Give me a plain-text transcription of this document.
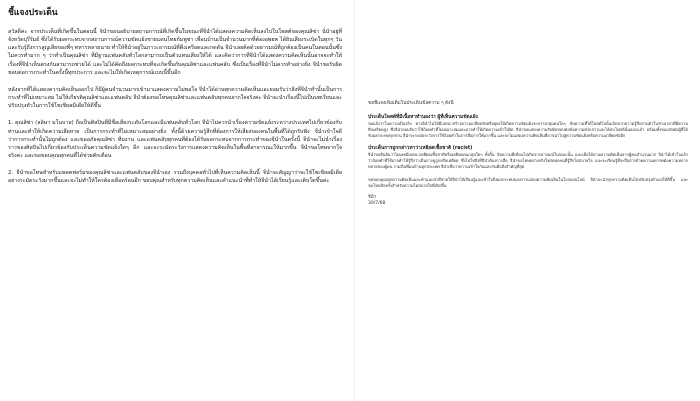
ชี้แจงประเด็น

สวัสดีค่ะ จากประเด็นที่เกิดขึ้นในตอนนี้ จินำขอนอธิบายสถานการณ์ที่เกิดขึ้นในขณะที่จีนำได้แสดงความคิดเห็นลงไปในโพสต์ของคุณสิซ่า นั่นำอยู่ที่จังหวัดบุรีรัมย์ ซึ่งได้รับผลกระทบจากสถานการณ์ความขัดแย้งชายแดนไทยกัมพูชา เพื่อนบ้านเป็นจำนวนมากที่ต้องอพยพ ได้ยินเสียงระเบิดในทุกๆ วัน และรับรู้ถึงการสูญเสียของพี่ๆ ทหารหลายนาย ทำให้จีนำอยู่ในภาวะอารมณ์ที่ตึงเครียดและกดดัน จีนำเลยคิดด้วยอารมณ์ที่ถูกต้องเป็นคนในตอนนั้นซึ่งไม่ควรทำมาก ๆ ว่าทำเป็นคุณลิซ่า ที่มีฐานแฟนคลับทั่วโลกสามารถเป็นตัวแทนเสียงให้ได้ และคิดว่าการที่จีนำได้แสดงความคิดเห็นนั้นอาจจะทำให้เรื่องที่จีนำเห็นตรงกันสามารถช่วยได้ และไม่ได้คิดถึงผลกระทบที่จะเกิดขึ้นกับคุณลิซ่าและแฟนคลับ ซึ่งเป็นเรื่องที่จีนำไม่ควรทำอย่างยิ่ง จีนำขอรับผิดชอบต่อการกระทำในครั้งนี้ทุกประการ และจะไม่ให้เกิดเหตุการณ์แบบนี้ขึ้นอีก

หลังจากที่ได้แสดงความคิดเห็นออกไป ก็มีผู้คนจำนวนมากเข้ามาแสดงความไม่พอใจ จีนำได้อ่านทุกความคิดเห็นและยอมรับว่าสิ่งที่จีนำทำนั้นเป็นการกระทำที่ไม่เหมาะสม ไม่ให้เกียรติคุณลิซ่าและแฟนคลับ จีนำต้องขอโทษคุณลิซ่าและแฟนคลับทุกคนจากใจจริงค่ะ จีนำจะนำเรื่องนี้ไปเป็นบทเรียนและปรับปรุงตัวในการใช้โซเชียลมีเดียให้ดีขึ้น

1. คุณลิซ่า (ลลิษา มโนบาล) ถือเป็นศิลปินที่มีชื่อเสียงระดับโลกและมีแฟนคลับทั่วโลก จีนำไม่ควรนำเรื่องความขัดแย้งระหว่างประเทศไปเกี่ยวข้องกับท่านและทำให้เกิดความเสียหาย เป็นการกระทำที่ไม่เหมาะสมอย่างยิ่ง ทั้งนี้ด้วยความรู้สึกที่ต้องการให้เสียงของคนในพื้นที่ได้ถูกรับฟัง จีนำเข้าใจดีว่าการกระทำนั้นไม่ถูกต้อง และขออภัยคุณลิซ่า ทีมงาน และแฟนคลับทุกคนที่ต้องได้รับผลกระทบจากการกระทำของจีนำในครั้งนี้ จีนำจะไม่นำเรื่องราวของศิลปินไปเกี่ยวข้องกับประเด็นความขัดแย้งใดๆ อีก และจะระมัดระวังการแสดงความคิดเห็นในพื้นที่สาธารณะให้มากขึ้น จีนำขอโทษจากใจจริงค่ะ และขอขอบคุณทุกคนที่ได้ช่วยตักเตือน

2. จีนำขอโทษสำหรับแพลตฟอร์มของคุณลิซ่าและแฟนคลับของจีนำเอง รวมถึงบุคคลทั่วไปที่เห็นความคิดเห็นนี้ จีนำจะสัญญาว่าจะใช้โซเชียลมีเดียอย่างระมัดระวังมากขึ้นและจะไม่ทำให้ใครต้องเดือดร้อนอีก ขอบคุณสำหรับทุกความคิดเห็นและคำแนะนำที่ทำให้จีนำได้เรียนรู้และเติบโตขึ้นค่ะ

ขอชี้แจงเพิ่มเติมในประเด็นข้อความ ๆ ดังนี้

ประเด็นโพสต์ที่มีเนื้อหาทำนองว่า ผู้ที่เห็นความขัดแย้ง

ขอแจ้งว่าในความเป็นจริง ทางจีนำไม่ได้มีเจตนาสร้างความเกลียดชังหรือยุยงให้เกิดความขัดแย้งระหว่างกลุ่มคนใดๆ ข้อความที่ได้โพสต์ไปนั้นเกิดจากความรู้สึกส่วนตัวในช่วงเวลาที่มีความตึงเครียดสูง ซึ่งจีนำยอมรับว่าใช้ถ้อยคำที่ไม่เหมาะสมและอาจทำให้เกิดความเข้าใจผิด จีนำขอแสดงความรับผิดชอบต่อข้อความดังกล่าวและได้ลบโพสต์นั้นออกแล้ว พร้อมทั้งขออภัยต่อผู้ที่ได้รับผลกระทบทุกท่าน จีนำจะระมัดระวังการใช้ถ้อยคำในการสื่อสารให้มากขึ้น และจะไม่แสดงความคิดเห็นที่อาจนำไปสู่ความขัดแย้งหรือความเกลียดชังอีก

ประเด็นการถูกกล่าวหาว่าเหยียดเชื้อชาติ (racist)

จีนำขอยืนยันว่าไม่เคยมีเจตนาเหยียดเชื้อชาติหรือเหยียดคนกลุ่มใดๆ ทั้งสิ้น ข้อความที่เขียนไปเกิดจากอารมณ์ในขณะนั้น และเมื่อได้อ่านความคิดเห็นจากผู้คนจำนวนมาก จีนำได้เข้าใจแล้วว่าถ้อยคำที่ใช้อาจทำให้รู้สึกว่าเป็นการดูถูกหรือเหยียด ซึ่งไม่ใช่สิ่งที่จีนำต้องการสื่อ จีนำขอโทษอย่างจริงใจต่อทุกคนที่รู้สึกไม่สบายใจ และจะเรียนรู้ที่จะสื่อสารด้วยความเคารพต่อความหลากหลายของผู้คน รวมถึงเพื่อนบ้านทุกประเทศ จีนำเชื่อว่าความเข้าใจกันและกันคือสิ่งสำคัญที่สุด

ขอขอบคุณทุกความคิดเห็นและคำแนะนำที่ช่วยให้จีนำได้เรียนรู้และเข้าใจถึงผลกระทบของการแสดงความคิดเห็นในโลกออนไลน์ จีนำจะนำทุกความคิดเห็นไปปรับปรุงตัวเองให้ดีขึ้น และขอโทษอีกครั้งสำหรับความไม่สบายใจที่เกิดขึ้น

จีนำ

30/7/68
